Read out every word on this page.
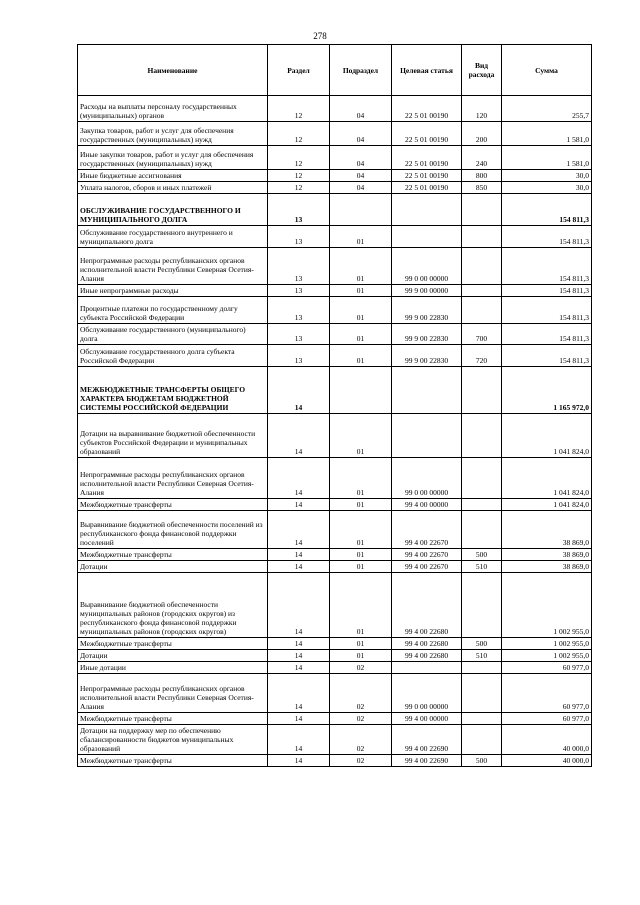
278
Наименование	Раздел	Подраздел	Целевая статья	Вид расхода	Сумма

Расходы на выплаты персоналу государственных (муниципальных) органов	12	04	22 5 01 00190	120	255,7

Закупка товаров, работ и услуг для обеспечения государственных (муниципальных) нужд	12	04	22 5 01 00190	200	1 581,0

Иные закупки товаров, работ и услуг для обеспечения государственных (муниципальных) нужд	12	04	22 5 01 00190	240	1 581,0

Иные бюджетные ассигнования	12	04	22 5 01 00190	800	30,0

Уплата налогов, сборов и иных платежей	12	04	22 5 01 00190	850	30,0

ОБСЛУЖИВАНИЕ ГОСУДАРСТВЕННОГО И МУНИЦИПАЛЬНОГО ДОЛГА	13				154 811,3

Обслуживание государственного внутреннего и муниципального долга	13	01			154 811,3

Непрограммные расходы республиканских органов исполнительной власти Республики Северная Осетия-Алания	13	01	99 0 00 00000		154 811,3

Иные непрограммные расходы	13	01	99 9 00 00000		154 811,3

Процентные платежи по государственному долгу субъекта Российской Федерации	13	01	99 9 00 22830		154 811,3

Обслуживание государственного (муниципального) долга	13	01	99 9 00 22830	700	154 811,3

Обслуживание государственного долга субъекта Российской Федерации	13	01	99 9 00 22830	720	154 811,3

МЕЖБЮДЖЕТНЫЕ ТРАНСФЕРТЫ ОБЩЕГО ХАРАКТЕРА БЮДЖЕТАМ БЮДЖЕТНОЙ СИСТЕМЫ РОССИЙСКОЙ ФЕДЕРАЦИИ	14				1 165 972,0

Дотации на выравнивание бюджетной обеспеченности субъектов Российской Федерации и муниципальных образований	14	01			1 041 824,0

Непрограммные расходы республиканских органов исполнительной власти Республики Северная Осетия-Алания	14	01	99 0 00 00000		1 041 824,0

Межбюджетные трансферты	14	01	99 4 00 00000		1 041 824,0

Выравнивание бюджетной обеспеченности поселений из республиканского фонда финансовой поддержки поселений	14	01	99 4 00 22670		38 869,0

Межбюджетные трансферты	14	01	99 4 00 22670	500	38 869,0

Дотации	14	01	99 4 00 22670	510	38 869,0

Выравнивание бюджетной обеспеченности муниципальных районов (городских округов) из республиканского фонда финансовой поддержки муниципальных районов (городских округов)	14	01	99 4 00 22680		1 002 955,0

Межбюджетные трансферты	14	01	99 4 00 22680	500	1 002 955,0

Дотации	14	01	99 4 00 22680	510	1 002 955,0

Иные дотации	14	02			60 977,0

Непрограммные расходы республиканских органов исполнительной власти Республики Северная Осетия-Алания	14	02	99 0 00 00000		60 977,0

Межбюджетные трансферты	14	02	99 4 00 00000		60 977,0

Дотации на поддержку мер по обеспечению сбалансированности бюджетов муниципальных образований	14	02	99 4 00 22690		40 000,0

Межбюджетные трансферты	14	02	99 4 00 22690	500	40 000,0
